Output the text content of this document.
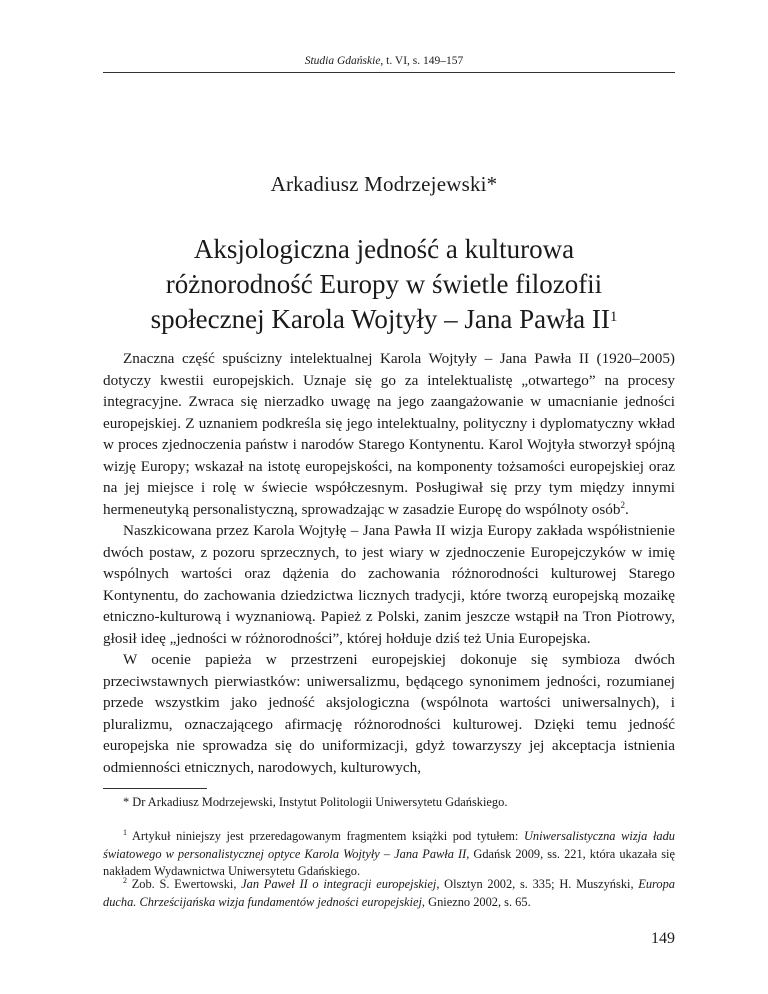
Studia Gdańskie, t. VI, s. 149–157
Arkadiusz Modrzejewski*
Aksjologiczna jedność a kulturowa
różnorodność Europy w świetle filozofii
społecznej Karola Wojtyły – Jana Pawła $II^1$

Znaczna część spuścizny intelektualnej Karola Wojtyły – Jana Pawła II (1920–2005) dotyczy kwestii europejskich. Uznaje się go za intelektualistę „otwartego” na procesy integracyjne. Zwraca się nierzadko uwagę na jego zaangażowanie w umacnianie jedności europejskiej. Z uznaniem podkreśla się jego intelektualny, polityczny i dyplomatyczny wkład w proces zjednoczenia państw i narodów Starego Kontynentu. Karol Wojtyła stworzył spójną wizję Europy; wskazał na istotę europejskości, na komponenty tożsamości europejskiej oraz na jej miejsce i rolę w świecie współczesnym. Posługiwał się przy tym między innymi hermeneutyką personalistyczną, sprowadzając w zasadzie Europę do wspólnoty osób$^2$.

Naszkicowana przez Karola Wojtyłę – Jana Pawła II wizja Europy zakłada współistnienie dwóch postaw, z pozoru sprzecznych, to jest wiary w zjednoczenie Europejczyków w imię wspólnych wartości oraz dążenia do zachowania różnorodności kulturowej Starego Kontynentu, do zachowania dziedzictwa licznych tradycji, które tworzą europejską mozaikę etniczno-kulturową i wyznaniową. Papież z Polski, zanim jeszcze wstąpił na Tron Piotrowy, głosił ideę „jedności w różnorodności”, której hołduje dziś też Unia Europejska.

W ocenie papieża w przestrzeni europejskiej dokonuje się symbioza dwóch przeciwstawnych pierwiastków: uniwersalizmu, będącego synonimem jedności, rozumianej przede wszystkim jako jedność aksjologiczna (wspólnota wartości uniwersalnych), i pluralizmu, oznaczającego afirmację różnorodności kulturowej. Dzięki temu jedność europejska nie sprowadza się do uniformizacji, gdyż towarzyszy jej akceptacja istnienia odmienności etnicznych, narodowych, kulturowych,

* Dr Arkadiusz Modrzejewski, Instytut Politologii Uniwersytetu Gdańskiego.
$^1$ Artykuł niniejszy jest przeredagowanym fragmentem książki pod tytułem: Uniwersalistyczna wizja ładu światowego w personalistycznej optyce Karola Wojtyły – Jana Pawła II, Gdańsk 2009, ss. 221, która ukazała się nakładem Wydawnictwa Uniwersytetu Gdańskiego.
$^2$ Zob. S. Ewertowski, Jan Paweł II o integracji europejskiej, Olsztyn 2002, s. 335; H. Muszyński, Europa ducha. Chrześcijańska wizja fundamentów jedności europejskiej, Gniezno 2002, s. 65.
149
